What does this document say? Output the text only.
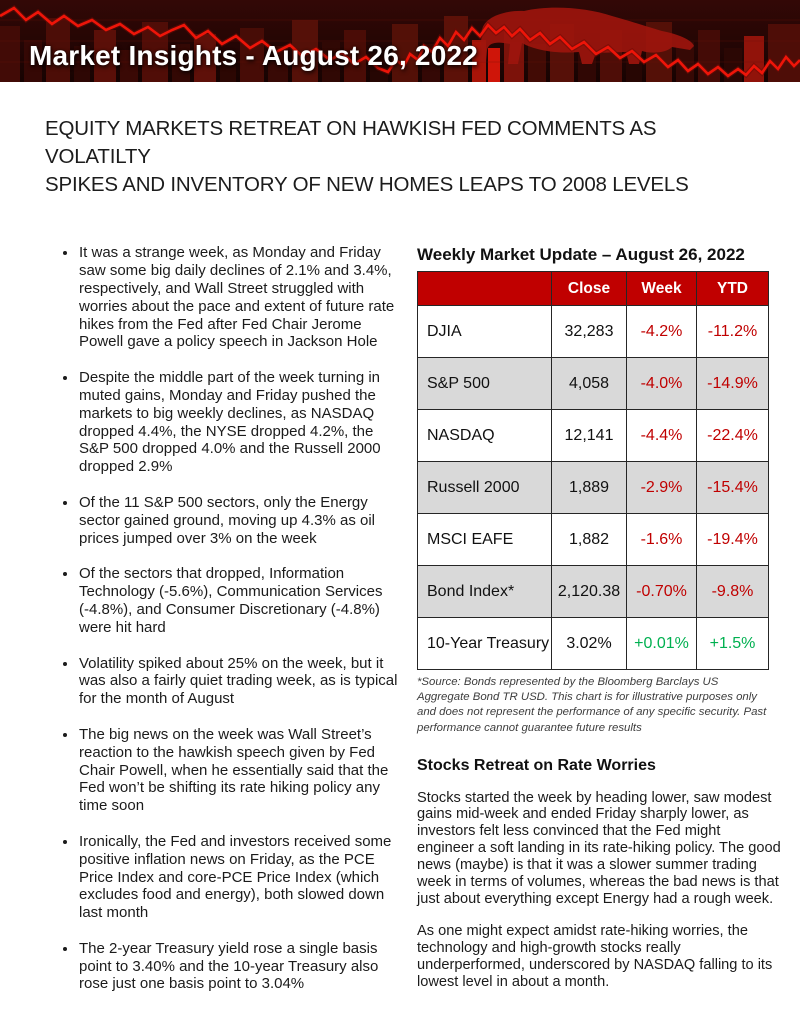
Market Insights - August 26, 2022
EQUITY MARKETS RETREAT ON HAWKISH FED COMMENTS AS VOLATILTY
SPIKES AND INVENTORY OF NEW HOMES LEAPS TO 2008 LEVELS
• It was a strange week, as Monday and Friday saw some big daily declines of 2.1% and 3.4%, respectively, and Wall Street struggled with worries about the pace and extent of future rate hikes from the Fed after Fed Chair Jerome Powell gave a policy speech in Jackson Hole
• Despite the middle part of the week turning in muted gains, Monday and Friday pushed the markets to big weekly declines, as NASDAQ dropped 4.4%, the NYSE dropped 4.2%, the S&P 500 dropped 4.0% and the Russell 2000 dropped 2.9%
• Of the 11 S&P 500 sectors, only the Energy sector gained ground, moving up 4.3% as oil prices jumped over 3% on the week
• Of the sectors that dropped, Information Technology (-5.6%), Communication Services (-4.8%), and Consumer Discretionary (-4.8%) were hit hard
• Volatility spiked about 25% on the week, but it was also a fairly quiet trading week, as is typical for the month of August
• The big news on the week was Wall Street’s reaction to the hawkish speech given by Fed Chair Powell, when he essentially said that the Fed won’t be shifting its rate hiking policy any time soon
• Ironically, the Fed and investors received some positive inflation news on Friday, as the PCE Price Index and core-PCE Price Index (which excludes food and energy), both slowed down last month
• The 2-year Treasury yield rose a single basis point to 3.40% and the 10-year Treasury also rose just one basis point to 3.04%
Weekly Market Update – August 26, 2022
	Close	Week	YTD
DJIA	32,283	-4.2%	-11.2%
S&P 500	4,058	-4.0%	-14.9%
NASDAQ	12,141	-4.4%	-22.4%
Russell 2000	1,889	-2.9%	-15.4%
MSCI EAFE	1,882	-1.6%	-19.4%
Bond Index*	2,120.38	-0.70%	-9.8%
10-Year Treasury	3.02%	+0.01%	+1.5%
*Source: Bonds represented by the Bloomberg Barclays US Aggregate Bond TR USD. This chart is for illustrative purposes only and does not represent the performance of any specific security. Past performance cannot guarantee future results
Stocks Retreat on Rate Worries

Stocks started the week by heading lower, saw modest gains mid-week and ended Friday sharply lower, as investors felt less convinced that the Fed might engineer a soft landing in its rate-hiking policy. The good news (maybe) is that it was a slower summer trading week in terms of volumes, whereas the bad news is that just about everything except Energy had a rough week.

As one might expect amidst rate-hiking worries, the technology and high-growth stocks really underperformed, underscored by NASDAQ falling to its lowest level in about a month.
